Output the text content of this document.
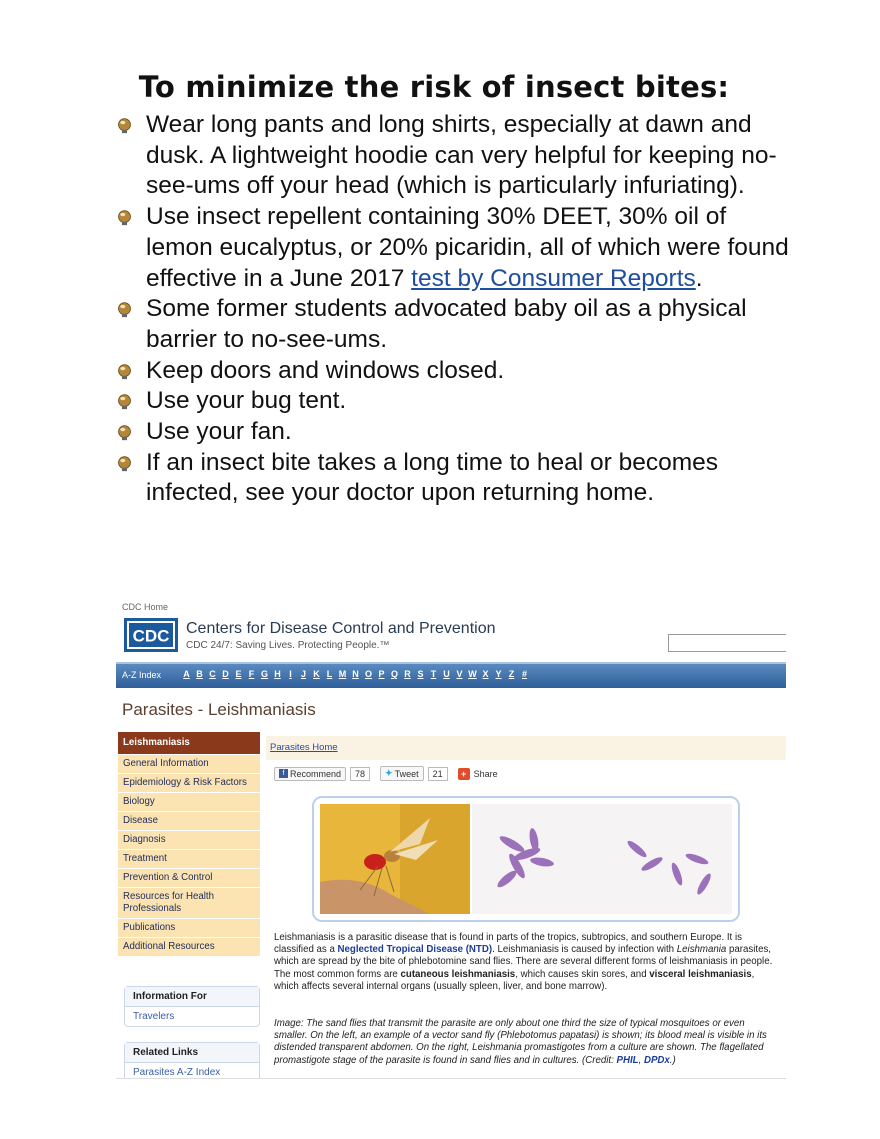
To minimize the risk of insect bites:
Wear long pants and long shirts, especially at dawn and dusk. A lightweight hoodie can very helpful for keeping no-see-ums off your head (which is particularly infuriating).
Use insect repellent containing 30% DEET, 30% oil of lemon eucalyptus, or 20% picaridin, all of which were found effective in a June 2017 test by Consumer Reports.
Some former students advocated baby oil as a physical barrier to no-see-ums.
Keep doors and windows closed.
Use your bug tent.
Use your fan.
If an insect bite takes a long time to heal or becomes infected, see your doctor upon returning home.
CDC Home
CDC Centers for Disease Control and Prevention
CDC 24/7: Saving Lives. Protecting People.™
A-Z Index	A B C D E F G H I	J K L M N O P Q R S T U V W X Y Z #
Parasites - Leishmaniasis
Leishmaniasis
General Information
Epidemiology & Risk Factors
Biology
Disease
Diagnosis
Treatment
Prevention & Control
Resources for Health Professionals
Publications
Additional Resources
Information For
Travelers
Related Links
Parasites A-Z Index
Parasites Home
f Recommend	78	✦ Tweet	21	+ Share

Leishmaniasis is a parasitic disease that is found in parts of the tropics, subtropics, and southern Europe. It is classified as a Neglected Tropical Disease (NTD). Leishmaniasis is caused by infection with Leishmania parasites, which are spread by the bite of phlebotomine sand flies. There are several different forms of leishmaniasis in people. The most common forms are cutaneous leishmaniasis, which causes skin sores, and visceral leishmaniasis, which affects several internal organs (usually spleen, liver, and bone marrow).

Image: The sand flies that transmit the parasite are only about one third the size of typical mosquitoes or even smaller. On the left, an example of a vector sand fly (Phlebotomus papatasi) is shown; its blood meal is visible in its distended transparent abdomen. On the right, Leishmania promastigotes from a culture are shown. The flagellated promastigote stage of the parasite is found in sand flies and in cultures. (Credit: PHIL, DPDx.)
